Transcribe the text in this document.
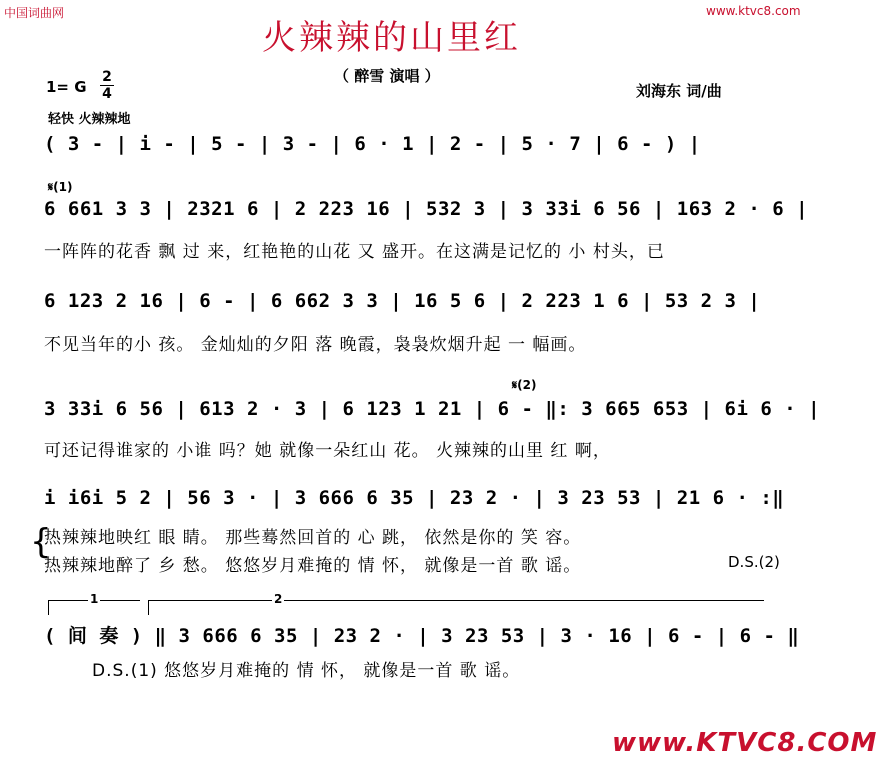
中国词曲网	www.ktvc8.com
火辣辣的山里红
（ 醉雪 演唱 ）
1= G
2
4	刘海东 词/曲
轻快 火辣辣地
( 3 - | i - | 5 - | 3 - | 6 · 1 | 2 - | 5 · 7 | 6 - ) |
𝄋(1)
6 661 3 3 | 2321 6 | 2 223 16 | 532 3 | 3 33i 6 56 | 163 2 · 6 |
一阵阵的花香 飘 过 来，红艳艳的山花 又 盛开。在这满是记忆的 小 村头，已
6 123 2 16 | 6 - | 6 662 3 3 | 16 5 6 | 2 223 1 6 | 53 2 3 |
不见当年的小 孩。 金灿灿的夕阳 落 晚霞，袅袅炊烟升起 一 幅画。
𝄋(2)
3 33i 6 56 | 613 2 · 3 | 6 123 1 21 | 6 - ‖: 3 665 653 | 6i 6 · |
可还记得谁家的 小谁 吗？她 就像一朵红山 花。 火辣辣的山里 红 啊，
i i6i 5 2 | 56 3 · | 3 666 6 35 | 23 2 · | 3 23 53 | 21 6 · :‖
{
热辣辣地映红 眼 睛。 那些蓦然回首的 心 跳， 依然是你的 笑 容。
热辣辣地醉了 乡 愁。 悠悠岁月难掩的 情 怀， 就像是一首 歌 谣。	D.S.(2)
1	2
( 间 奏 ) ‖ 3 666 6 35 | 23 2 · | 3 23 53 | 3 · 16 | 6 - | 6 - ‖
D.S.(1) 悠悠岁月难掩的 情 怀， 就像是一首 歌 谣。
www.KTVC8.COM
